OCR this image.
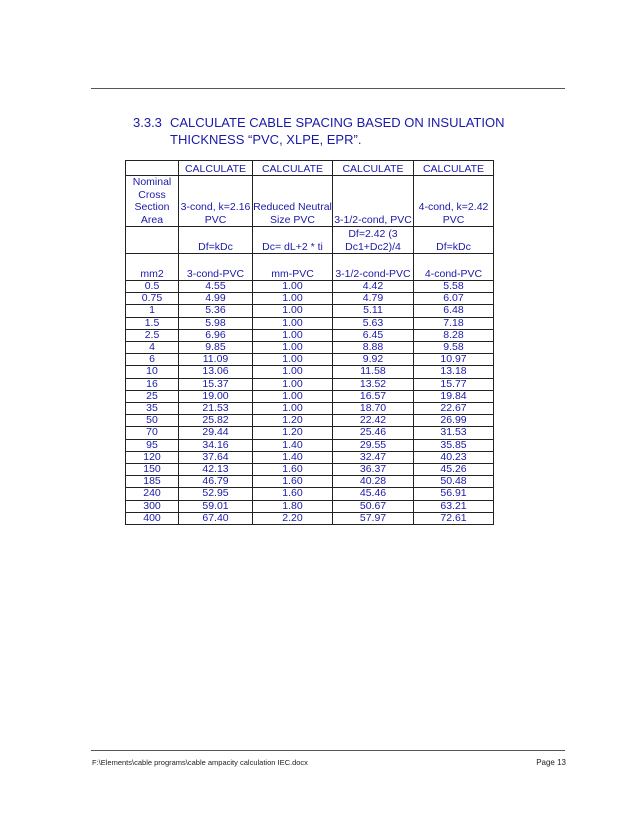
3.3.3 CALCULATE CABLE SPACING BASED ON INSULATION THICKNESS “PVC, XLPE, EPR”.
	CALCULATE	CALCULATE	CALCULATE	CALCULATE
Nominal Cross Section Area	3-cond, k=2.16 PVC	Reduced Neutral Size PVC	3-1/2-cond, PVC	4-cond, k=2.42 PVC
	Df=kDc	Dc= dL+2 * ti	Df=2.42 (3 Dc1+Dc2)/4	Df=kDc
mm2	3-cond-PVC	mm-PVC	3-1/2-cond-PVC	4-cond-PVC
0.5	4.55	1.00	4.42	5.58
0.75	4.99	1.00	4.79	6.07
1	5.36	1.00	5.11	6.48
1.5	5.98	1.00	5.63	7.18
2.5	6.96	1.00	6.45	8.28
4	9.85	1.00	8.88	9.58
6	11.09	1.00	9.92	10.97
10	13.06	1.00	11.58	13.18
16	15.37	1.00	13.52	15.77
25	19.00	1.00	16.57	19.84
35	21.53	1.00	18.70	22.67
50	25.82	1.20	22.42	26.99
70	29.44	1.20	25.46	31.53
95	34.16	1.40	29.55	35.85
120	37.64	1.40	32.47	40.23
150	42.13	1.60	36.37	45.26
185	46.79	1.60	40.28	50.48
240	52.95	1.60	45.46	56.91
300	59.01	1.80	50.67	63.21
400	67.40	2.20	57.97	72.61
F:\Elements\cable programs\cable ampacity calculation IEC.docx	Page 13
